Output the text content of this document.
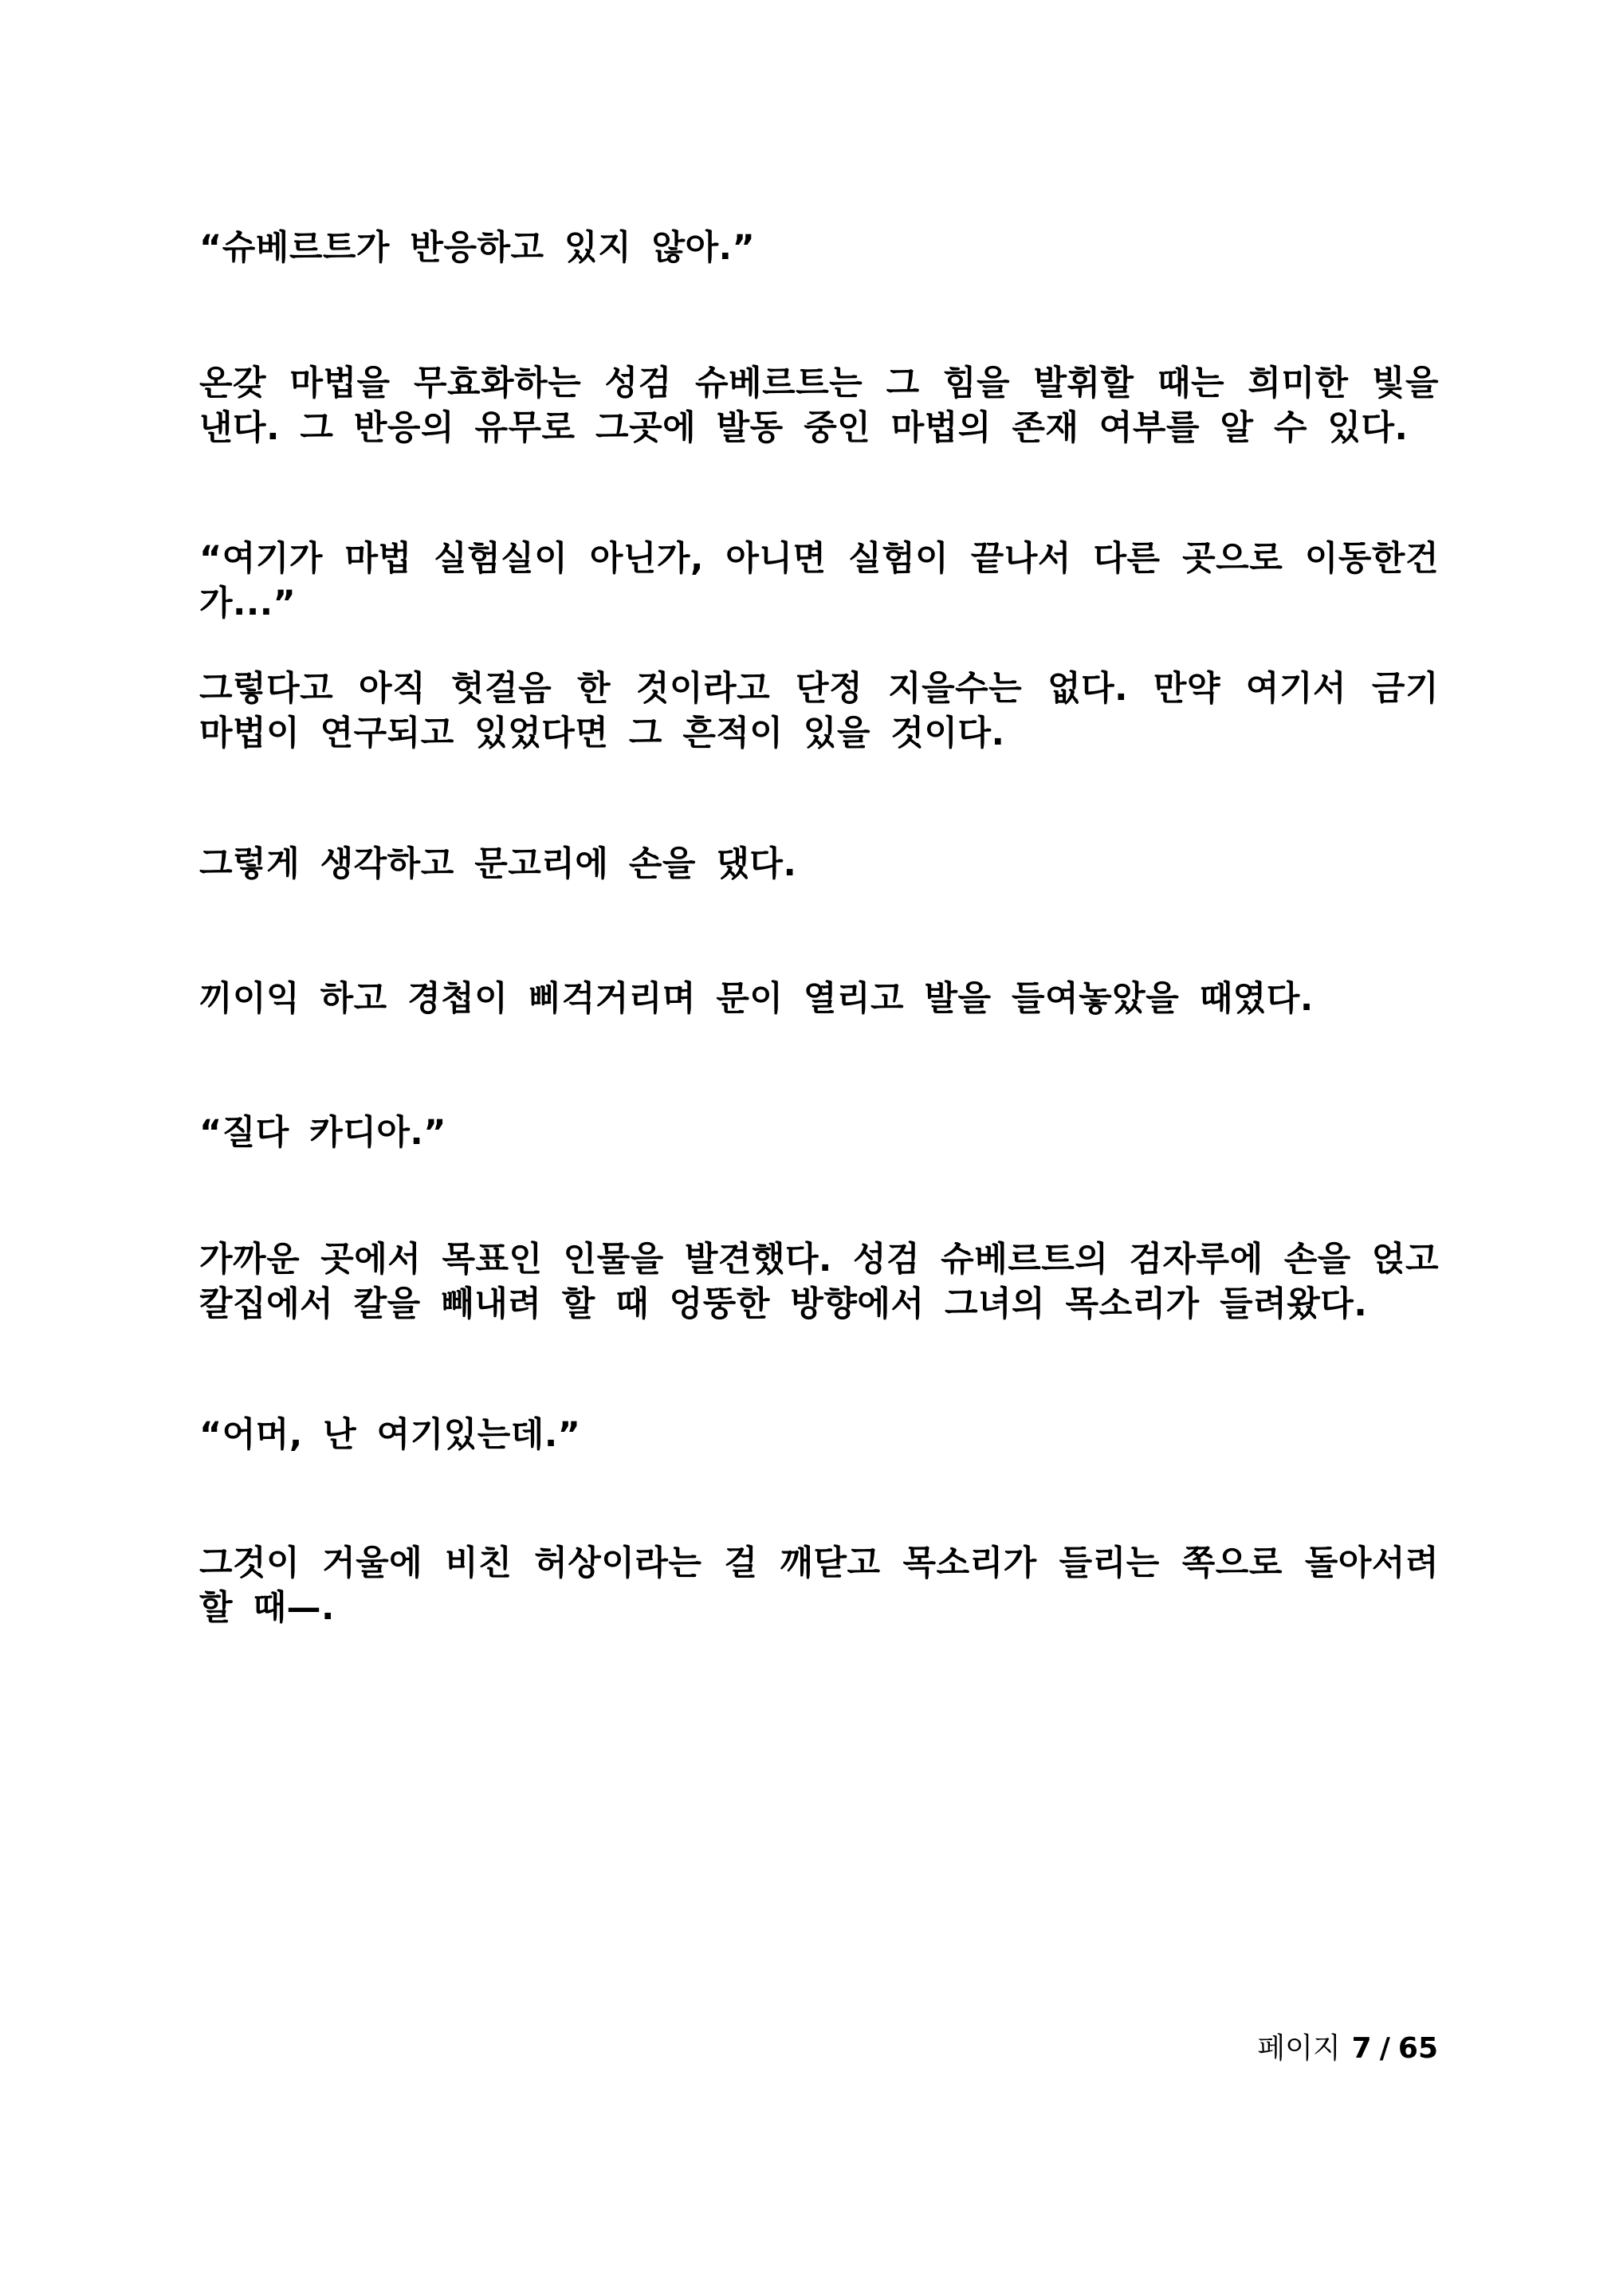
“슈베르트가 반응하고 있지 않아.”

온갖 마법을 무효화하는 성검 슈베르트는 그 힘을 발휘할 때는 희미한 빛을 낸다. 그 반응의 유무로 그곳에 발동 중인 마법의 존재 여부를 알 수 있다.

“여기가 마법 실험실이 아닌가, 아니면 실험이 끝나서 다른 곳으로 이동한건가...”

그렇다고 아직 헛걸음 한 것이라고 단정 지을수는 없다. 만약 여기서 금기 마법이 연구되고 있었다면 그 흔적이 있을 것이다.

그렇게 생각하고 문고리에 손을 댔다.

끼이익 하고 경첩이 삐걱거리며 문이 열리고 발을 들여놓았을 때였다.

“질다 카디아.”

가까운 곳에서 목표인 인물을 발견했다. 성검 슈베르트의 검자루에 손을 얹고 칼집에서 칼을 빼내려 할 때 엉뚱한 방향에서 그녀의 목소리가 들려왔다.

“어머, 난 여기있는데.”

그것이 거울에 비친 허상이라는 걸 깨닫고 목소리가 들리는 쪽으로 돌아서려 할 때—.

페이지 7 / 65
